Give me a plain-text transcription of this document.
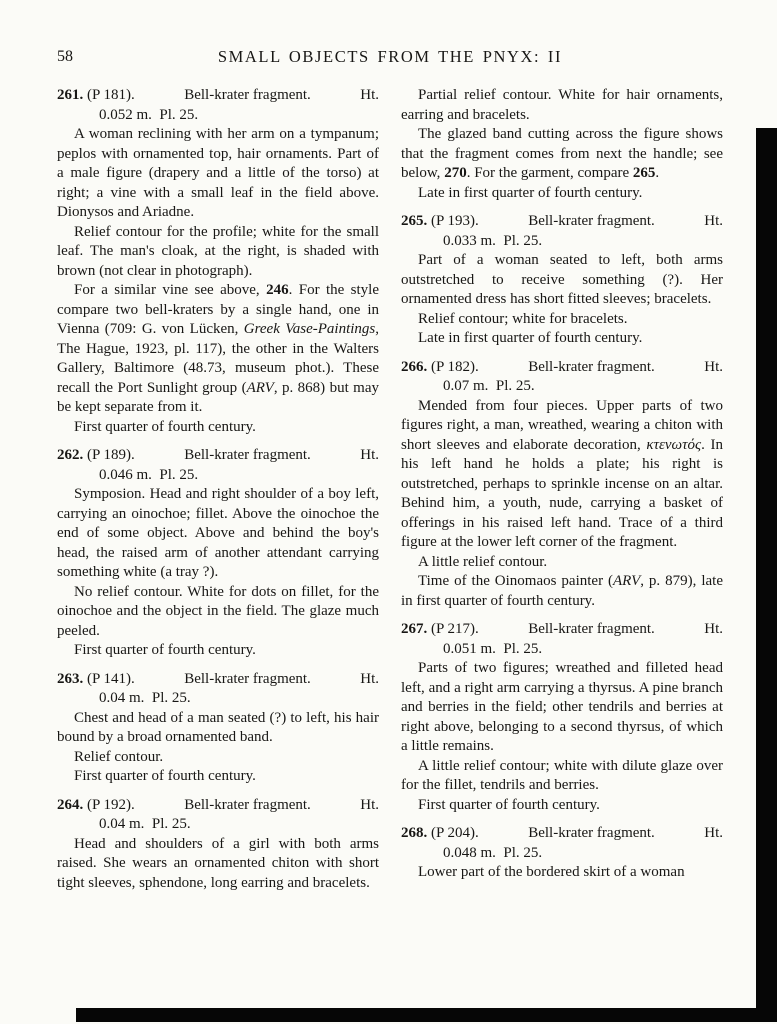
58	SMALL OBJECTS FROM THE PNYX: II
261. (P 181).	Bell-krater fragment.	Ht.
0.052 m.  Pl. 25.

A woman reclining with her arm on a tympanum; peplos with ornamented top, hair ornaments. Part of a male figure (drapery and a little of the torso) at right; a vine with a small leaf in the field above. Dionysos and Ariadne.

Relief contour for the profile; white for the small leaf. The man's cloak, at the right, is shaded with brown (not clear in photograph).

For a similar vine see above, 246. For the style compare two bell-kraters by a single hand, one in Vienna (709: G. von Lücken, Greek Vase-Paintings, The Hague, 1923, pl. 117), the other in the Walters Gallery, Baltimore (48.73, museum phot.). These recall the Port Sunlight group (ARV, p. 868) but may be kept separate from it.

First quarter of fourth century.

262. (P 189).	Bell-krater fragment.	Ht.
0.046 m.  Pl. 25.

Symposion. Head and right shoulder of a boy left, carrying an oinochoe; fillet. Above the oinochoe the end of some object. Above and behind the boy's head, the raised arm of another attendant carrying something white (a tray ?).

No relief contour. White for dots on fillet, for the oinochoe and the object in the field. The glaze much peeled.

First quarter of fourth century.

263. (P 141).	Bell-krater fragment.	Ht.
0.04 m.  Pl. 25.

Chest and head of a man seated (?) to left, his hair bound by a broad ornamented band.

Relief contour.

First quarter of fourth century.

264. (P 192).	Bell-krater fragment.	Ht.
0.04 m.  Pl. 25.

Head and shoulders of a girl with both arms raised. She wears an ornamented chiton with short tight sleeves, sphendone, long earring and bracelets.

Partial relief contour. White for hair ornaments, earring and bracelets.

The glazed band cutting across the figure shows that the fragment comes from next the handle; see below, 270. For the garment, compare 265.

Late in first quarter of fourth century.

265. (P 193).	Bell-krater fragment.	Ht.
0.033 m.  Pl. 25.

Part of a woman seated to left, both arms outstretched to receive something (?). Her ornamented dress has short fitted sleeves; bracelets.

Relief contour; white for bracelets.

Late in first quarter of fourth century.

266. (P 182).	Bell-krater fragment.	Ht.
0.07 m.  Pl. 25.

Mended from four pieces. Upper parts of two figures right, a man, wreathed, wearing a chiton with short sleeves and elaborate decoration, κτενωτός. In his left hand he holds a plate; his right is outstretched, perhaps to sprinkle incense on an altar. Behind him, a youth, nude, carrying a basket of offerings in his raised left hand. Trace of a third figure at the lower left corner of the fragment.

A little relief contour.

Time of the Oinomaos painter (ARV, p. 879), late in first quarter of fourth century.

267. (P 217).	Bell-krater fragment.	Ht.
0.051 m.  Pl. 25.

Parts of two figures; wreathed and filleted head left, and a right arm carrying a thyrsus. A pine branch and berries in the field; other tendrils and berries at right above, belonging to a second thyrsus, of which a little remains.

A little relief contour; white with dilute glaze over for the fillet, tendrils and berries.

First quarter of fourth century.

268. (P 204).	Bell-krater fragment.	Ht.
0.048 m.  Pl. 25.

Lower part of the bordered skirt of a woman
